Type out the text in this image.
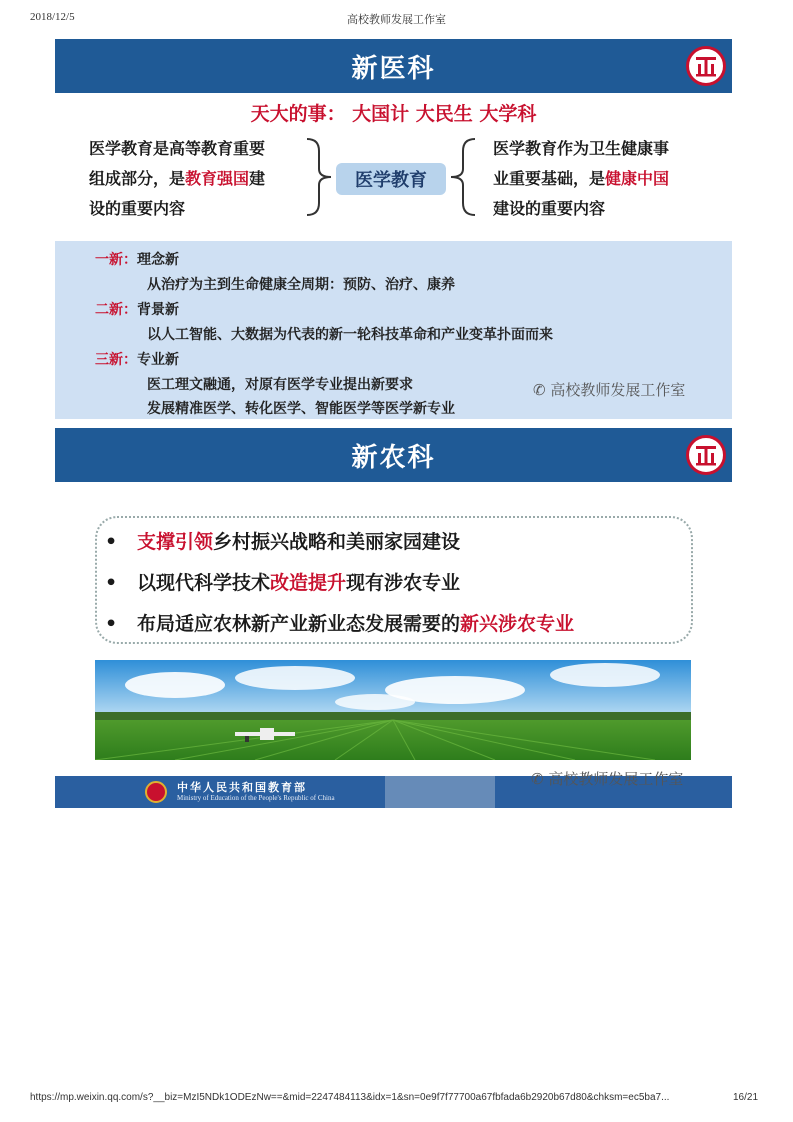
2018/12/5	高校教师发展工作室
新医科
天大的事： 大国计 大民生 大学科
医学教育是高等教育重要
组成部分，是教育强国建
设的重要内容
医学教育
医学教育作为卫生健康事
业重要基础，是健康中国
建设的重要内容
一新：理念新
从治疗为主到生命健康全周期：预防、治疗、康养
二新：背景新
以人工智能、大数据为代表的新一轮科技革命和产业变革扑面而来
三新：专业新
医工理文融通，对原有医学专业提出新要求
发展精准医学、转化医学、智能医学等医学新专业
✆ 高校教师发展工作室
新农科
• 支撑引领乡村振兴战略和美丽家园建设
• 以现代科学技术改造提升现有涉农专业
• 布局适应农林新产业新业态发展需要的新兴涉农专业
中华人民共和国教育部
Ministry of Education of the People's Republic of China
✆ 高校教师发展工作室
https://mp.weixin.qq.com/s?__biz=MzI5NDk1ODEzNw==&mid=2247484113&idx=1&sn=0e9f7f77700a67fbfada6b2920b67d80&chksm=ec5ba7...	16/21
